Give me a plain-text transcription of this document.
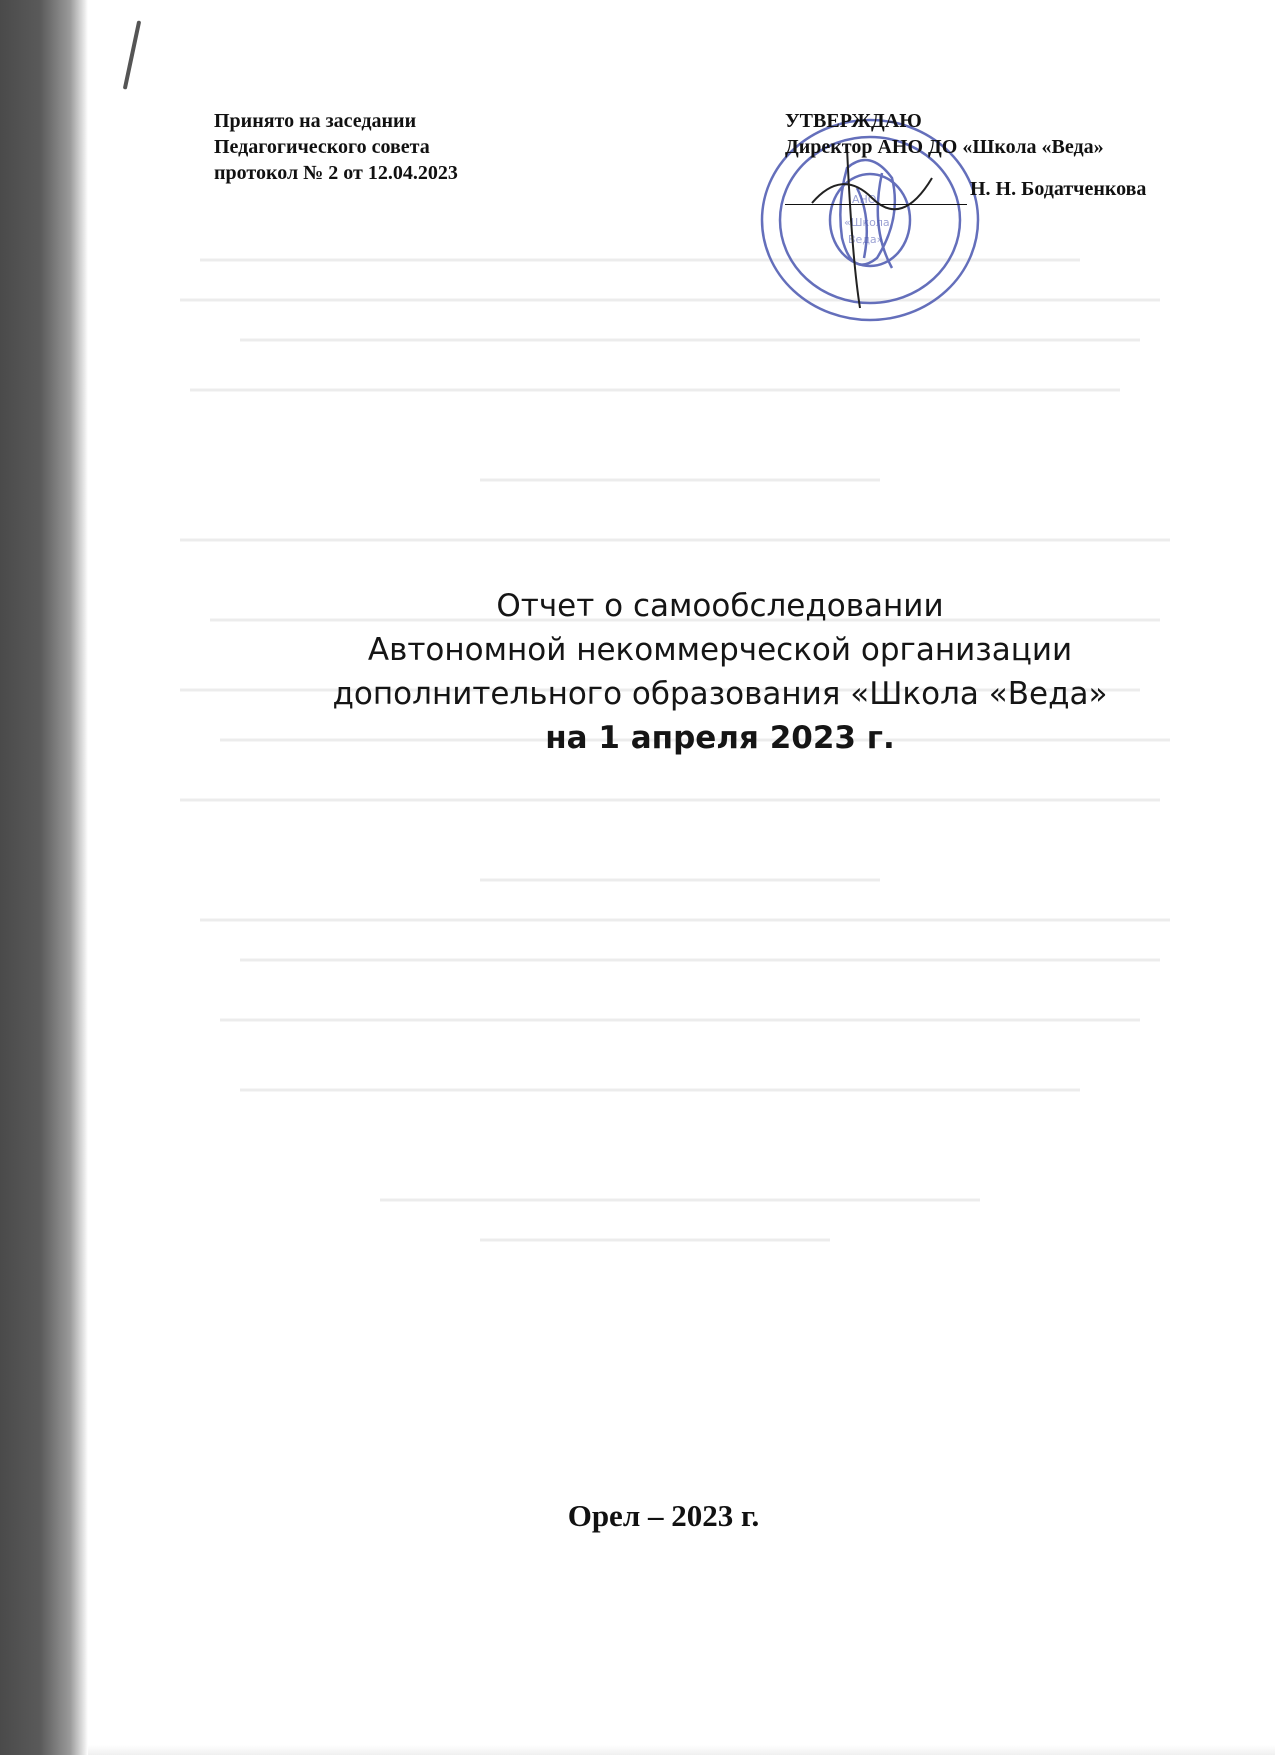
Принято на заседании
Педагогического совета
протокол № 2 от 12.04.2023
АНО
«Школа
Веда»
УТВЕРЖДАЮ
Директор АНО ДО «Школа «Веда»
Н. Н. Бодатченкова
Отчет о самообследовании
Автономной некоммерческой организации
дополнительного образования «Школа «Веда»
на 1 апреля 2023 г.
Орел – 2023 г.
